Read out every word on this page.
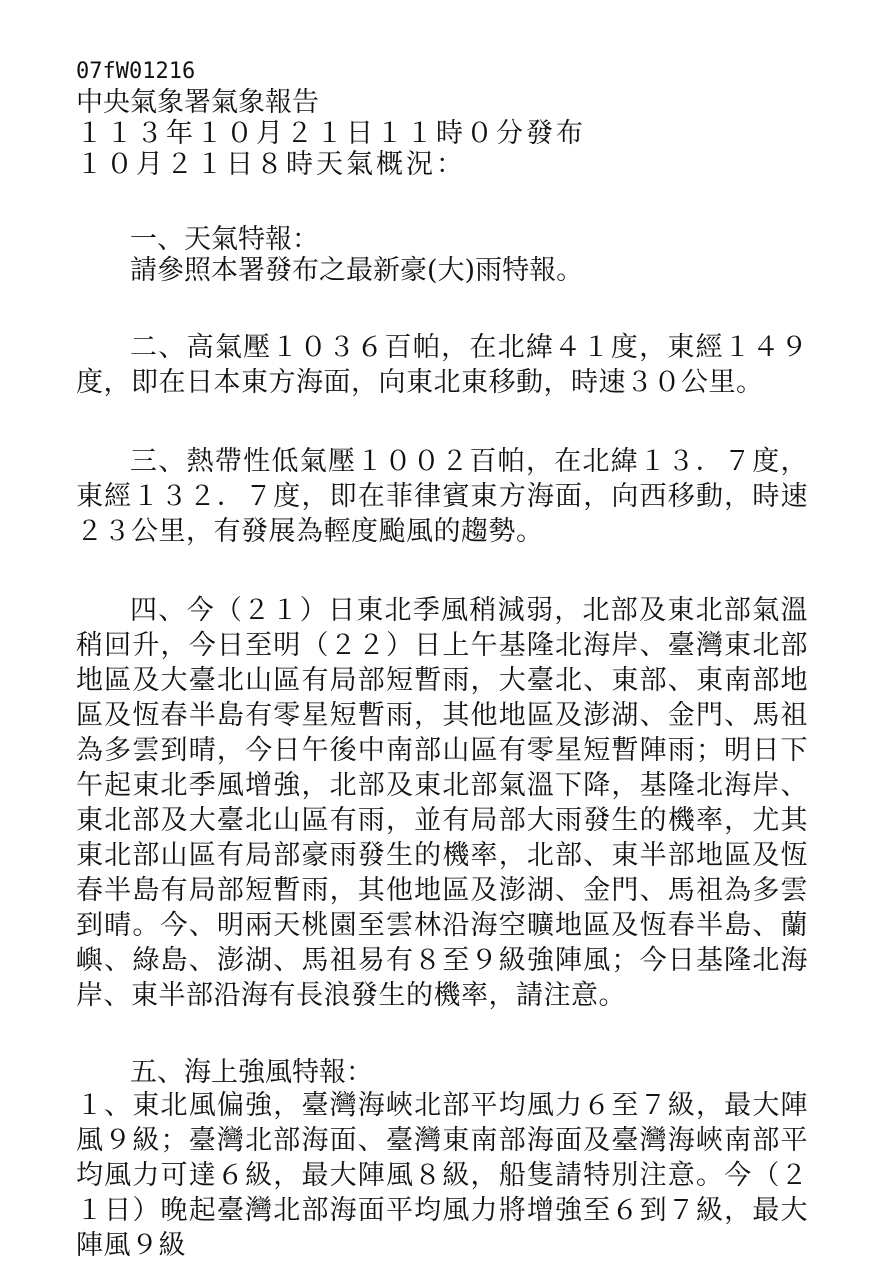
07fW01216
中央氣象署氣象報告
１１３年１０月２１日１１時０分發布
１０月２１日８時天氣概況：
一、天氣特報：
請參照本署發布之最新豪(大)雨特報。

二、高氣壓１０３６百帕，在北緯４１度，東經１４９度，即在日本東方海面，向東北東移動，時速３０公里。

三、熱帶性低氣壓１００２百帕，在北緯１３．７度，東經１３２．７度，即在菲律賓東方海面，向西移動，時速２３公里，有發展為輕度颱風的趨勢。

四、今（２１）日東北季風稍減弱，北部及東北部氣溫稍回升，今日至明（２２）日上午基隆北海岸、臺灣東北部地區及大臺北山區有局部短暫雨，大臺北、東部、東南部地區及恆春半島有零星短暫雨，其他地區及澎湖、金門、馬祖為多雲到晴，今日午後中南部山區有零星短暫陣雨；明日下午起東北季風增強，北部及東北部氣溫下降，基隆北海岸、東北部及大臺北山區有雨，並有局部大雨發生的機率，尤其東北部山區有局部豪雨發生的機率，北部、東半部地區及恆春半島有局部短暫雨，其他地區及澎湖、金門、馬祖為多雲到晴。今、明兩天桃園至雲林沿海空曠地區及恆春半島、蘭嶼、綠島、澎湖、馬祖易有８至９級強陣風；今日基隆北海岸、東半部沿海有長浪發生的機率，請注意。

五、海上強風特報：

１、東北風偏強，臺灣海峽北部平均風力６至７級，最大陣風９級；臺灣北部海面、臺灣東南部海面及臺灣海峽南部平均風力可達６級，最大陣風８級，船隻請特別注意。今（２１日）晚起臺灣北部海面平均風力將增強至６到７級，最大陣風９級
